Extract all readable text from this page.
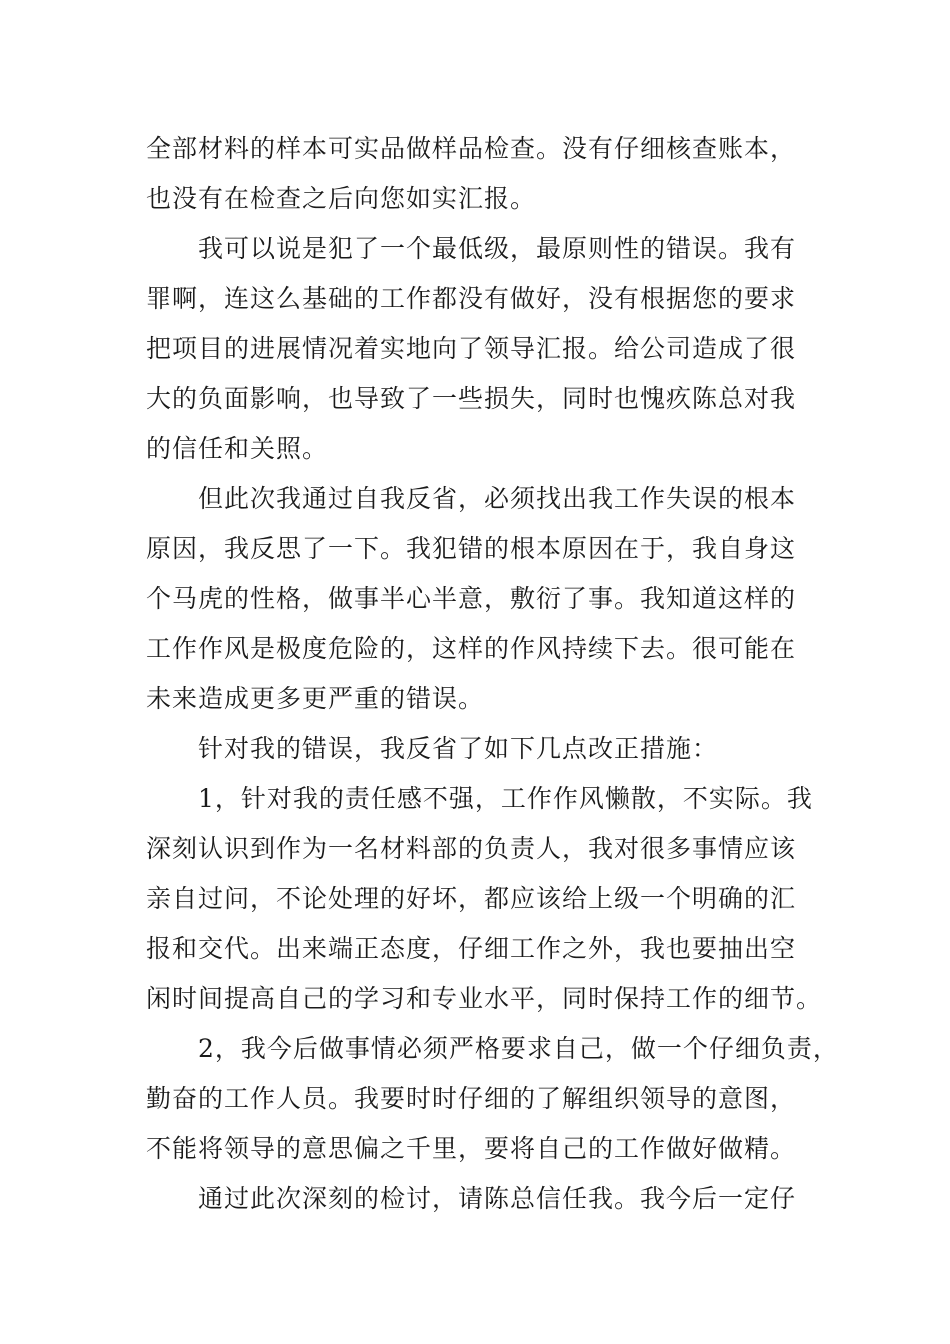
全部材料的样本可实品做样品检查。没有仔细核查账本，
也没有在检查之后向您如实汇报。
我可以说是犯了一个最低级，最原则性的错误。我有
罪啊，连这么基础的工作都没有做好，没有根据您的要求
把项目的进展情况着实地向了领导汇报。给公司造成了很
大的负面影响，也导致了一些损失，同时也愧疚陈总对我
的信任和关照。
但此次我通过自我反省，必须找出我工作失误的根本
原因，我反思了一下。我犯错的根本原因在于，我自身这
个马虎的性格，做事半心半意，敷衍了事。我知道这样的
工作作风是极度危险的，这样的作风持续下去。很可能在
未来造成更多更严重的错误。
针对我的错误，我反省了如下几点改正措施：
1，针对我的责任感不强，工作作风懒散，不实际。我
深刻认识到作为一名材料部的负责人，我对很多事情应该
亲自过问，不论处理的好坏，都应该给上级一个明确的汇
报和交代。出来端正态度，仔细工作之外，我也要抽出空
闲时间提高自己的学习和专业水平，同时保持工作的细节。
2，我今后做事情必须严格要求自己，做一个仔细负责，
勤奋的工作人员。我要时时仔细的了解组织领导的意图，
不能将领导的意思偏之千里，要将自己的工作做好做精。
通过此次深刻的检讨，请陈总信任我。我今后一定仔
